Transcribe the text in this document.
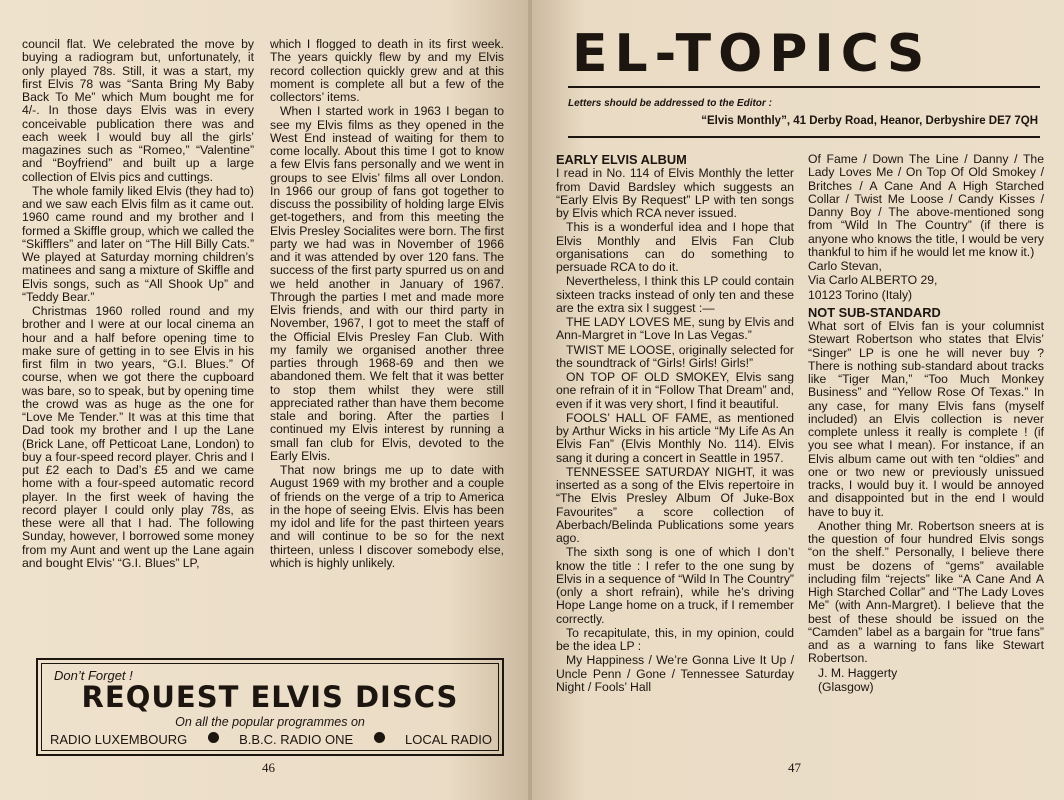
council flat. We celebrated the move by buying a radiogram but, unfortunately, it only played 78s. Still, it was a start, my first Elvis 78 was “Santa Bring My Baby Back To Me” which Mum bought me for 4/-. In those days Elvis was in every conceivable publication there was and each week I would buy all the girls’ magazines such as “Romeo,” “Valentine” and “Boyfriend” and built up a large collection of Elvis pics and cuttings.

The whole family liked Elvis (they had to) and we saw each Elvis film as it came out. 1960 came round and my brother and I formed a Skiffle group, which we called the “Skifflers” and later on “The Hill Billy Cats.” We played at Saturday morning children’s matinees and sang a mixture of Skiffle and Elvis songs, such as “All Shook Up” and “Teddy Bear.”

Christmas 1960 rolled round and my brother and I were at our local cinema an hour and a half before opening time to make sure of getting in to see Elvis in his first film in two years, “G.I. Blues.” Of course, when we got there the cupboard was bare, so to speak, but by opening time the crowd was as huge as the one for “Love Me Tender.” It was at this time that Dad took my brother and I up the Lane (Brick Lane, off Petticoat Lane, London) to buy a four-speed record player. Chris and I put £2 each to Dad’s £5 and we came home with a four-speed automatic record player. In the first week of having the record player I could only play 78s, as these were all that I had. The following Sunday, however, I borrowed some money from my Aunt and went up the Lane again and bought Elvis’ “G.I. Blues” LP,

which I flogged to death in its first week. The years quickly flew by and my Elvis record collection quickly grew and at this moment is complete all but a few of the collectors’ items.

When I started work in 1963 I began to see my Elvis films as they opened in the West End instead of waiting for them to come locally. About this time I got to know a few Elvis fans personally and we went in groups to see Elvis’ films all over London. In 1966 our group of fans got together to discuss the possibility of holding large Elvis get-togethers, and from this meeting the Elvis Presley Socialites were born. The first party we had was in November of 1966 and it was attended by over 120 fans. The success of the first party spurred us on and we held another in January of 1967. Through the parties I met and made more Elvis friends, and with our third party in November, 1967, I got to meet the staff of the Official Elvis Presley Fan Club. With my family we organised another three parties through 1968-69 and then we abandoned them. We felt that it was better to stop them whilst they were still appreciated rather than have them become stale and boring. After the parties I continued my Elvis interest by running a small fan club for Elvis, devoted to the Early Elvis.

That now brings me up to date with August 1969 with my brother and a couple of friends on the verge of a trip to America in the hope of seeing Elvis. Elvis has been my idol and life for the past thirteen years and will continue to be so for the next thirteen, unless I discover somebody else, which is highly unlikely.

Don’t Forget !
REQUEST ELVIS DISCS
On all the popular programmes on
RADIO LUXEMBOURG	B.B.C. RADIO ONE	LOCAL RADIO
46
EL-TOPICS
Letters should be addressed to the Editor :
“Elvis Monthly”, 41 Derby Road, Heanor, Derbyshire DE7 7QH
EARLY ELVIS ALBUM

I read in No. 114 of Elvis Monthly the letter from David Bardsley which suggests an “Early Elvis By Request” LP with ten songs by Elvis which RCA never issued.

This is a wonderful idea and I hope that Elvis Monthly and Elvis Fan Club organisations can do something to persuade RCA to do it.

Nevertheless, I think this LP could contain sixteen tracks instead of only ten and these are the extra six I suggest :—

THE LADY LOVES ME, sung by Elvis and Ann-Margret in “Love In Las Vegas.”

TWIST ME LOOSE, originally selected for the soundtrack of “Girls! Girls! Girls!”

ON TOP OF OLD SMOKEY, Elvis sang one refrain of it in “Follow That Dream” and, even if it was very short, I find it beautiful.

FOOLS’ HALL OF FAME, as mentioned by Arthur Wicks in his article “My Life As An Elvis Fan” (Elvis Monthly No. 114). Elvis sang it during a concert in Seattle in 1957.

TENNESSEE SATURDAY NIGHT, it was inserted as a song of the Elvis repertoire in “The Elvis Presley Album Of Juke-Box Favourites” a score collection of Aberbach/Belinda Publications some years ago.

The sixth song is one of which I don’t know the title : I refer to the one sung by Elvis in a sequence of “Wild In The Country” (only a short refrain), while he’s driving Hope Lange home on a truck, if I remember correctly.

To recapitulate, this, in my opinion, could be the idea LP :

My Happiness / We’re Gonna Live It Up / Uncle Penn / Gone / Tennessee Saturday Night / Fools’ Hall

Of Fame / Down The Line / Danny / The Lady Loves Me / On Top Of Old Smokey / Britches / A Cane And A High Starched Collar / Twist Me Loose / Candy Kisses / Danny Boy / The above-mentioned song from “Wild In The Country” (if there is anyone who knows the title, I would be very thankful to him if he would let me know it.)

Carlo Stevan,

Via Carlo ALBERTO 29,

10123 Torino (Italy)

NOT SUB-STANDARD

What sort of Elvis fan is your columnist Stewart Robertson who states that Elvis’ “Singer” LP is one he will never buy ? There is nothing sub-standard about tracks like “Tiger Man,” “Too Much Monkey Business” and “Yellow Rose Of Texas.” In any case, for many Elvis fans (myself included) an Elvis collection is never complete unless it really is complete ! (if you see what I mean). For instance, if an Elvis album came out with ten “oldies” and one or two new or previously unissued tracks, I would buy it. I would be annoyed and disappointed but in the end I would have to buy it.

Another thing Mr. Robertson sneers at is the question of four hundred Elvis songs “on the shelf.” Personally, I believe there must be dozens of “gems” available including film “rejects” like “A Cane And A High Starched Collar” and “The Lady Loves Me” (with Ann-Margret). I believe that the best of these should be issued on the “Camden” label as a bargain for “true fans” and as a warning to fans like Stewart Robertson.

J. M. Haggerty

(Glasgow)

47
